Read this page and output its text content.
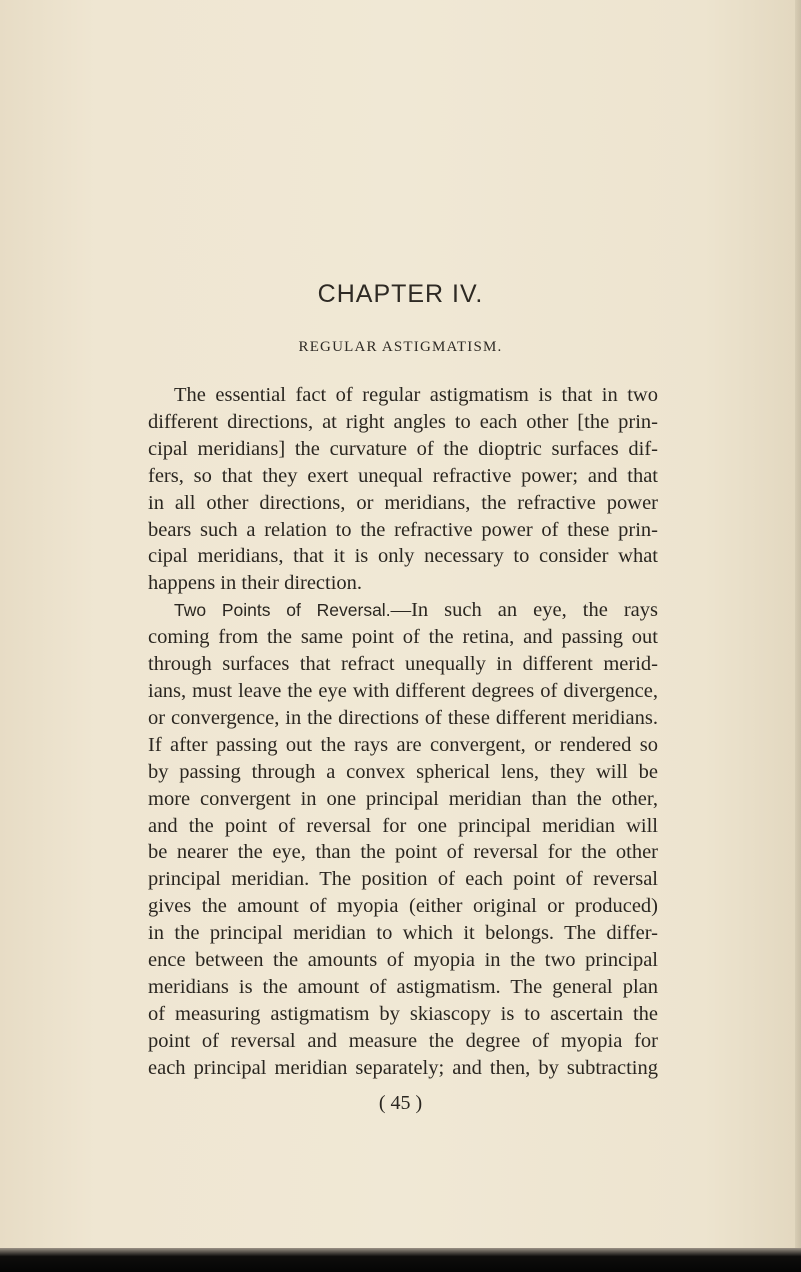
CHAPTER IV.
REGULAR ASTIGMATISM.
The essential fact of regular astigmatism is that in two
different directions, at right angles to each other [the prin-
cipal meridians] the curvature of the dioptric surfaces dif-
fers, so that they exert unequal refractive power; and that
in all other directions, or meridians, the refractive power
bears such a relation to the refractive power of these prin-
cipal meridians, that it is only necessary to consider what
happens in their direction.
Two Points of Reversal.—In such an eye, the rays
coming from the same point of the retina, and passing out
through surfaces that refract unequally in different merid-
ians, must leave the eye with different degrees of divergence,
or convergence, in the directions of these different meridians.
If after passing out the rays are convergent, or rendered so
by passing through a convex spherical lens, they will be
more convergent in one principal meridian than the other,
and the point of reversal for one principal meridian will
be nearer the eye, than the point of reversal for the other
principal meridian. The position of each point of reversal
gives the amount of myopia (either original or produced)
in the principal meridian to which it belongs. The differ-
ence between the amounts of myopia in the two principal
meridians is the amount of astigmatism. The general plan
of measuring astigmatism by skiascopy is to ascertain the
point of reversal and measure the degree of myopia for
each principal meridian separately; and then, by subtracting
( 45 )
